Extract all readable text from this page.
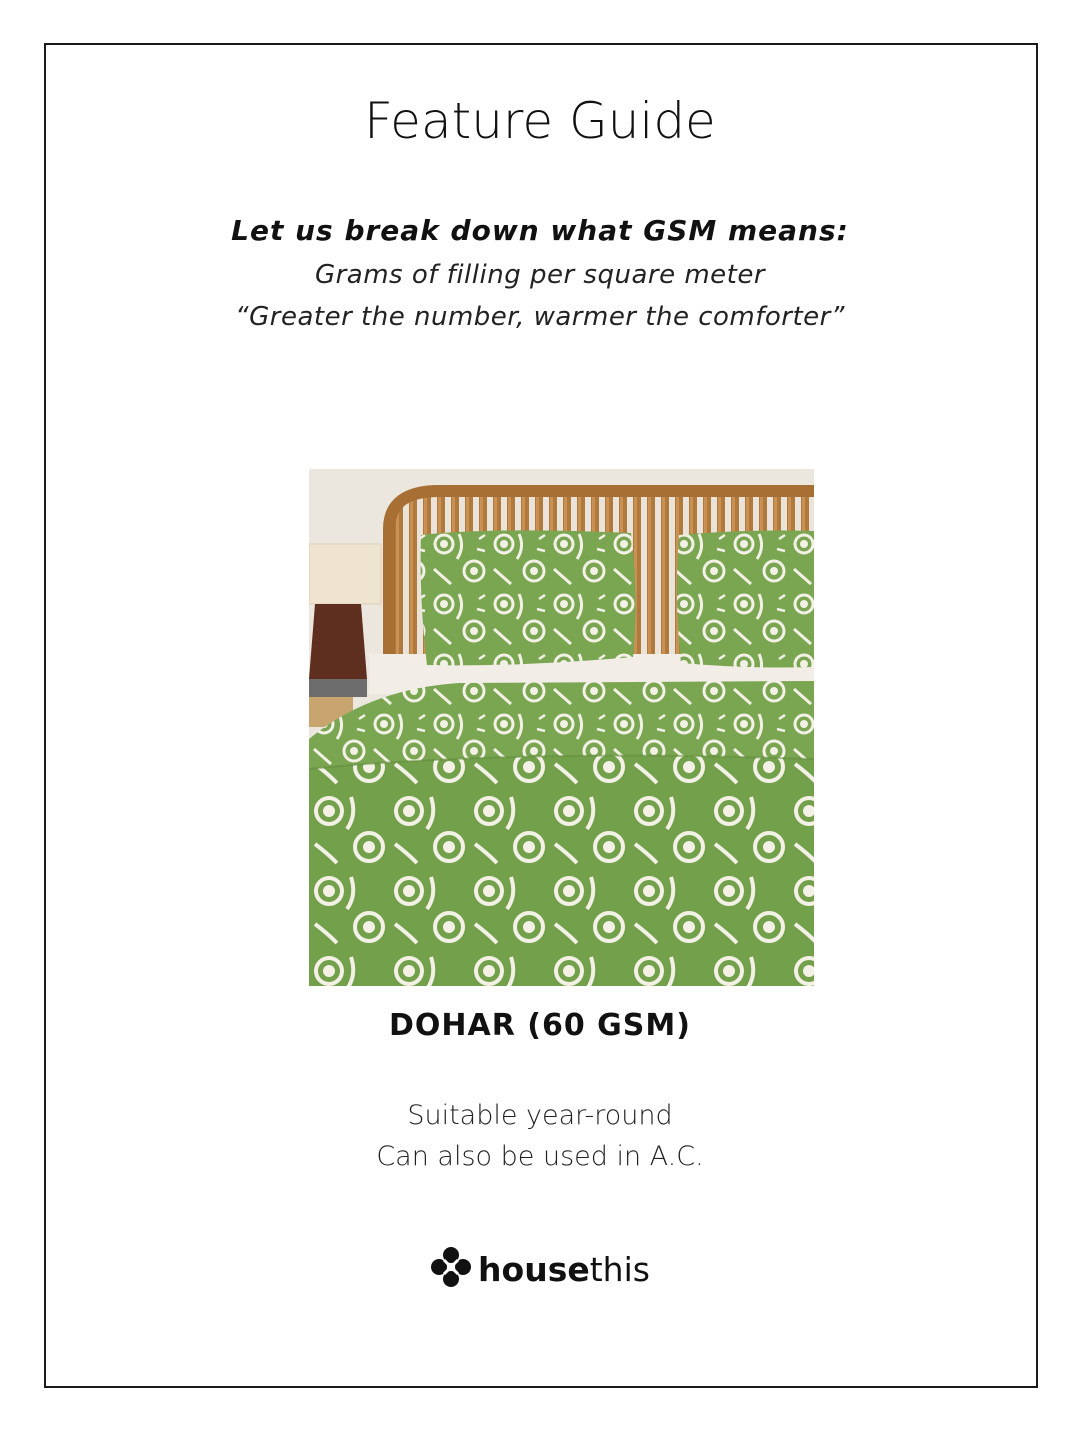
Feature Guide

Let us break down what GSM means:

Grams of filling per square meter

“Greater the number, warmer the comforter”

DOHAR (60 GSM)

Suitable year-round

Can also be used in A.C.

housethis
